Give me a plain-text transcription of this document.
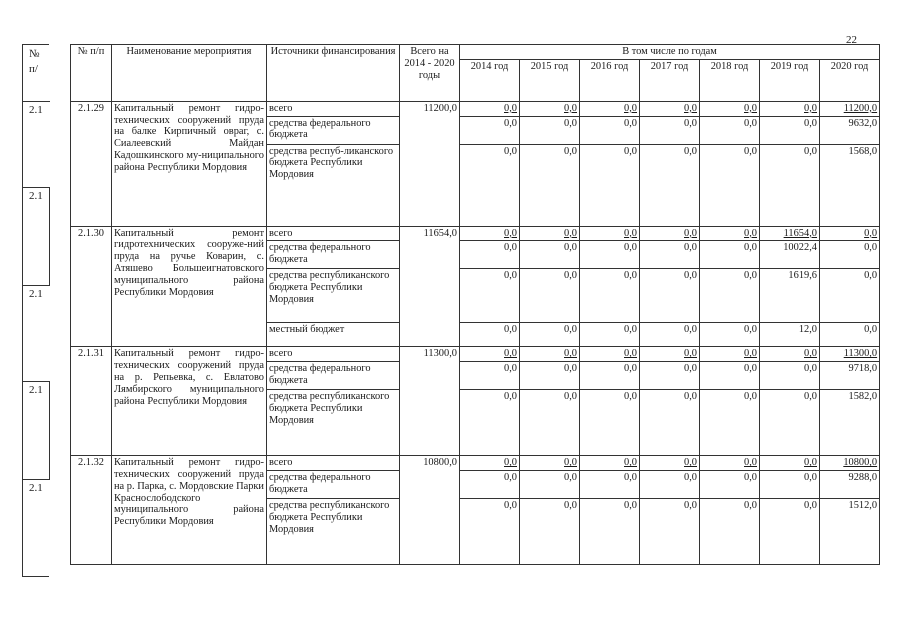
22
№
п/
2.1
2.1
2.1
2.1
2.1
№ п/п	Наименование мероприятия	Источники финансирования	Всего на 2014 - 2020 годы	В том числе по годам						
				2014 год	2015 год	2016 год	2017 год	2018 год	2019 год	2020 год
2.1.29	Капитальный ремонт гидро-технических сооружений пруда на балке Кирпичный овраг, с. Сиалеевский Майдан Кадошкинского му-ниципального района Республики Мордовия	всего	11200,0	0,0	0,0	0,0	0,0	0,0	0,0	11200,0
		средства федерального бюджета		0,0	0,0	0,0	0,0	0,0	0,0	9632,0
		средства респуб-ликанского бюджета Республики Мордовия		0,0	0,0	0,0	0,0	0,0	0,0	1568,0
2.1.30	Капитальный ремонт гидротехнических сооруже-ний пруда на ручье Коварин, с. Атяшево Большеигнатовского муниципального района Республики Мордовия	всего	11654,0	0,0	0,0	0,0	0,0	0,0	11654,0	0,0
		средства федерального бюджета		0,0	0,0	0,0	0,0	0,0	10022,4	0,0
		средства республиканского бюджета Республики Мордовия		0,0	0,0	0,0	0,0	0,0	1619,6	0,0
		местный бюджет		0,0	0,0	0,0	0,0	0,0	12,0	0,0
2.1.31	Капитальный ремонт гидро-технических сооружений пруда на р. Репьевка, с. Евлатово Лямбирского муниципального района Республики Мордовия	всего	11300,0	0,0	0,0	0,0	0,0	0,0	0,0	11300,0
		средства федерального бюджета		0,0	0,0	0,0	0,0	0,0	0,0	9718,0
		средства республиканского бюджета Республики Мордовия		0,0	0,0	0,0	0,0	0,0	0,0	1582,0
2.1.32	Капитальный ремонт гидро-технических сооружений пруда на р. Парка, с. Мордовские Парки Краснослободского муниципального района Республики Мордовия	всего	10800,0	0,0	0,0	0,0	0,0	0,0	0,0	10800,0
		средства федерального бюджета		0,0	0,0	0,0	0,0	0,0	0,0	9288,0
		средства республиканского бюджета Республики Мордовия		0,0	0,0	0,0	0,0	0,0	0,0	1512,0
